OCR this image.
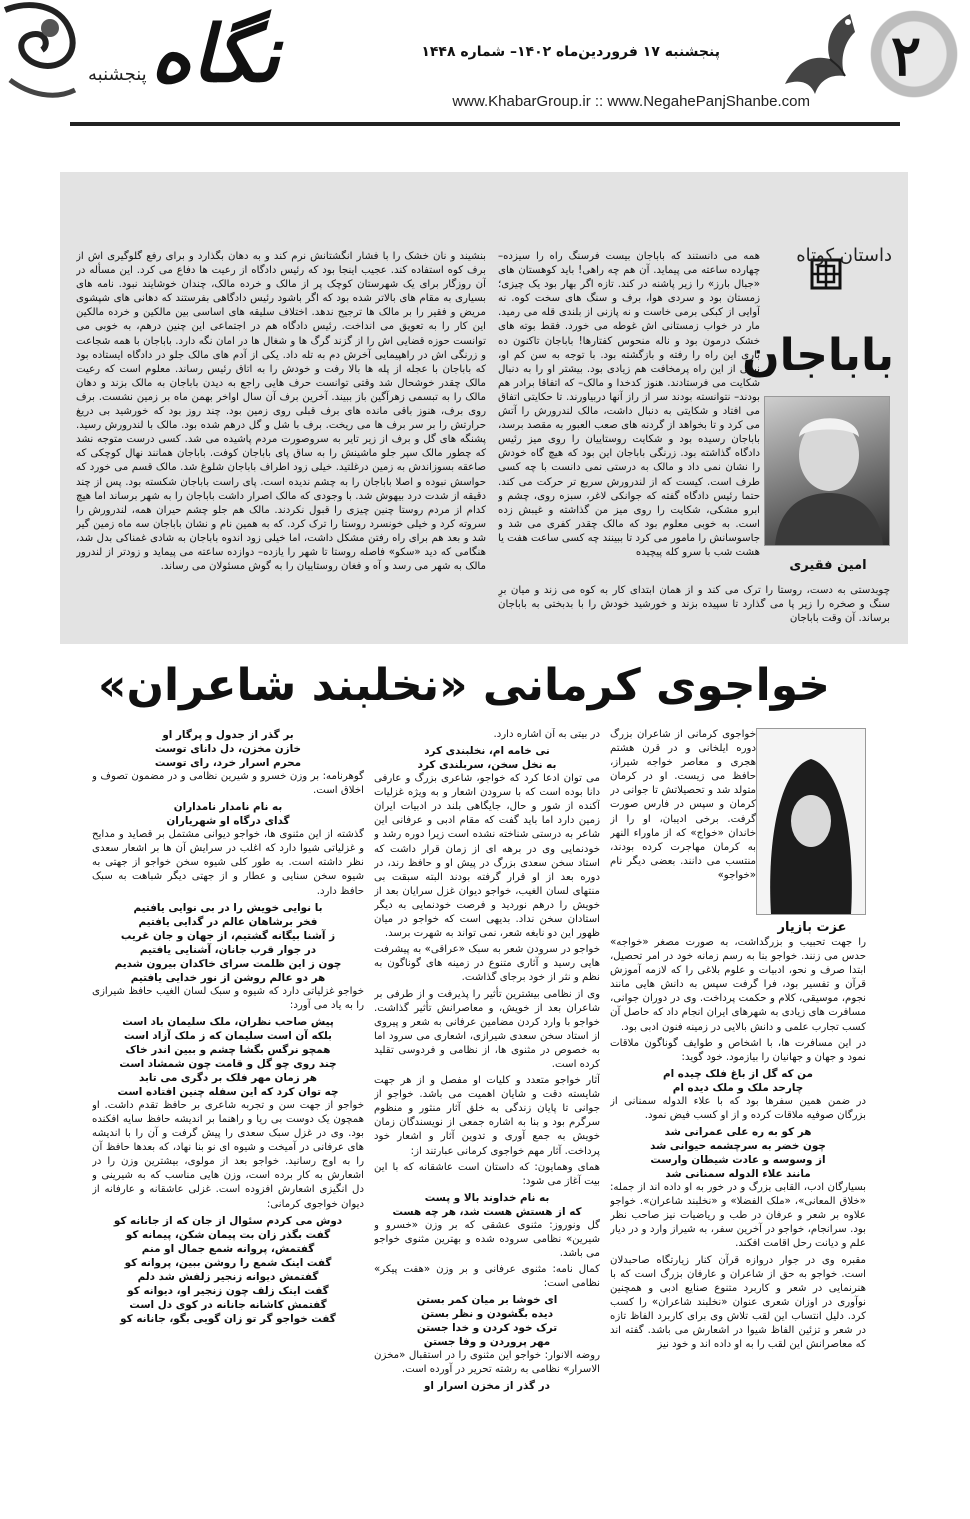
۲
پنجشنبه ۱۷ فروردین‌ماه ۱۴۰۲– شماره ۱۴۴۸
www.KhabarGroup.ir :: www.NegahePanjShanbe.com
نگاه
پنجشنبه
داستان کوتاه
باباجان
امین فقیری
همه می دانستند که باباجان بیست فرسنگ راه را سیزده– چهارده ساعته می پیماید. آن هم چه راهی! باید کوهستان های «جبال بارز» را زیر پاشنه در کند. تازه اگر بهار بود یک چیزی؛ زمستان بود و سردی هوا، برف و سنگ های سخت کوه. نه آوایی از کبکی برمی خاست و نه پازنی از بلندی قله می رمید. مار در خواب زمستانی اش غوطه می خورد. فقط بوته های خشک درمون بود و ناله منحوس کفتارها! باباجان تاکنون ده باری این راه را رفته و بازگشته بود. با توجه به سن کم او، نیمی از این راه پرمخافت هم زیادی بود. بیشتر او را به دنبال شکایت می فرستادند. هنوز کدخدا و مالک– که اتفاقا برادر هم بودند– نتوانسته بودند سر از راز آنها دربیاورند. تا حکایتی اتفاق می افتاد و شکایتی به دنبال داشت، مالک لندرورش را آتش می کرد و تا بخواهد از گردنه های صعب العبور به مقصد برسد، باباجان رسیده بود و شکایت روستاییان را روی میز رئیس دادگاه گذاشته بود. زرنگی باباجان این بود که هیچ گاه خودش را نشان نمی داد و مالک به درستی نمی دانست با چه کسی طرف است. کیست که از لندرورش سریع تر حرکت می کند. حتما رئیس دادگاه گفته که جوانکی لاغر، سبزه روی، چشم و ابرو مشکی، شکایت را روی میز من گذاشته و غیبش زده است. به خوبی معلوم بود که مالک چقدر کفری می شد و جاسوسانش را مامور می کرد تا ببینند چه کسی ساعت هفت یا هشت شب با سرو کله پیچیده
چوبدستی به دست، روستا را ترک می کند و از همان ابتدای کار به کوه می زند و میان برِ سنگ و صخره را زیر پا می گذارد تا سپیده بزند و خورشید خودش را با بدبختی به باباجان برساند. آن وقت باباجان
بنشیند و نان خشک را با فشار انگشتانش نرم کند و به دهان بگذارد و برای رفع گلوگیری اش از برف کوه استفاده کند. عجیب اینجا بود که رئیس دادگاه از رعیت ها دفاع می کرد. این مسأله در آن روزگار برای یک شهرستان کوچک پر از مالک و خرده مالک، چندان خوشایند نبود. نامه های بسیاری به مقام های بالاتر شده بود که اگر باشود رئیس دادگاهی بفرستند که دهانی های شپشوی مریض و فقیر را بر مالک ها ترجیح ندهد. اختلاف سلیقه های اساسی بین مالکین و خرده مالکین این کار را به تعویق می انداخت. رئیس دادگاه هم در اجتماعی این چنین درهم، به خوبی می توانست حوزه قضایی اش را از گزند گرگ ها و شغال ها در امان نگه دارد. باباجان با همه شجاعت و زرنگی اش در راهپیمایی آخرش دم به تله داد. یکی از آدم های مالک جلو در دادگاه ایستاده بود که باباجان با عجله از پله ها بالا رفت و خودش را به اتاق رئیس رساند. معلوم است که رعیت مالک چقدر خوشحال شد وقتی توانست حرف هایی راجع به دیدن باباجان به مالک بزند و دهان مالک را به تبسمی زهرآگین باز ببیند. آخرین برف آن سال اواخر بهمن ماه بر زمین نشست. برف روی برف، هنوز باقی مانده های برف قبلی روی زمین بود. چند روز بود که خورشید بی دریغ حرارتش را بر سر برف ها می ریخت. برف با شل و گل درهم شده بود. مالک با لندرورش رسید. پشنگه های گل و برف از زیر تایر به سروصورت مردم پاشیده می شد. کسی درست متوجه نشد که چطور مالک سپر جلو ماشینش را به ساق پای باباجان کوفت. باباجان همانند نهال کوچکی که صاعقه بسوزاندش به زمین درغلتید. خیلی زود اطراف باباجان شلوغ شد. مالک قسم می خورد که حواسش نبوده و اصلا باباجان را به چشم ندیده است. پای راست باباجان شکسته بود. پس از چند دقیقه از شدت درد بیهوش شد. با وجودی که مالک اصرار داشت باباجان را به شهر برساند اما هیچ کدام از مردم روستا چنین چیزی را قبول نکردند. مالک هم جلو چشم حیران همه، لندرورش را سروته کرد و خیلی خونسرد روستا را ترک کرد. که به همین نام و نشان باباجان سه ماه زمین گیر شد و بعد هم برای راه رفتن مشکل داشت، اما خیلی زود اندوه باباجان به شادی غمناکی بدل شد، هنگامی که دید «سکو» فاصله روستا تا شهر را یازده– دوازده ساعته می پیماید و زودتر از لندرور مالک به شهر می رسد و آه و فغان روستاییان را به گوش مسئولان می رساند.
خواجوی کرمانی «نخلبند شاعران»
عزت بازیار
خواجوی کرمانی از شاعران بزرگ دوره ایلخانی و در قرن هشتم هجری و معاصر خواجه شیراز، حافظ می زیست. او در کرمان متولد شد و تحصیلاتش تا جوانی در کرمان و سپس در فارس صورت گرفت. برخی ادیبان، او را از خاندان «خواج» که از ماوراء النهر به کرمان مهاجرت کرده بودند، منتسب می دانند. بعضی دیگر نام «خواجو»
را جهت تحبیب و بزرگداشت، به صورت مصغر «خواجه» حدس می زنند. خواجو بنا به رسم زمانه خود در امر تحصیل، ابتدا صرف و نحو، ادبیات و علوم بلاغی را که لازمه آموزش قرآن و تفسیر بود، فرا گرفت سپس به دانش هایی مانند نجوم، موسیقی، کلام و حکمت پرداخت. وی در دوران جوانی، مسافرت های زیادی به شهرهای ایران انجام داد که حاصل آن کسب تجارب علمی و دانش بالایی در زمینه فنون ادبی بود.
در این مسافرت ها، با اشخاص و طوایف گوناگون ملاقات نمود و جهان و جهانیان را بیازمود. خود گوید:
من که گل از باغ فلک چیده ام
چارحد ملک و ملک دیده ام
در ضمن همین سفرها بود که با علاء الدوله سمنانی از بزرگان صوفیه ملاقات کرده و از او کسب فیض نمود.
هر کو به ره علی عمرانی شد
چون خضر به سرچشمه حیوانی شد
از وسوسه و عادت شیطان وارست
مانند علاء الدوله سمنانی شد
بسیارگان ادب، القابی بزرگ و در خور به او داده اند از جمله: «خلاق المعانی»، «ملک الفضلا» و «نخلبند شاعران». خواجو علاوه بر شعر و عرفان در طب و ریاضیات نیز صاحب نظر بود. سرانجام، خواجو در آخرین سفر، به شیراز وارد و در دیار علم و دیانت رحل اقامت افکند.
مقبره وی در جوار دروازه قرآن کنار زیارتگاه صاحبدلان است. خواجو به حق از شاعران و عارفان بزرگ است که با هنرنمایی در شعر و کاربرد متنوع صنایع ادبی و همچنین نوآوری در اوزان شعری عنوان «نخلبند شاعران» را کسب کرد. دلیل انتساب این لقب تلاش وی برای کاربرد الفاظ تازه در شعر و تزئین الفاظ شیوا در اشعارش می باشد. گفته اند که معاصرانش این لقب را به او داده اند و خود نیز
در بیتی به آن اشاره دارد.
نی خامه ام، نخلبندی کرد
به نخل سخن، سربلندی کرد
می توان ادعا کرد که خواجو، شاعری بزرگ و عارفی دانا بوده است که با سرودن اشعار و به ویژه غزلیات آکنده از شور و حال، جایگاهی بلند در ادبیات ایران زمین دارد اما باید گفت که مقام ادبی و عرفانی این شاعر به درستی شناخته نشده است زیرا دوره رشد و خودنمایی وی در برهه ای از زمان قرار داشت که استاد سخن سعدی بزرگ در پیش او و حافظ رند، در دوره بعد از او قرار گرفته بودند البته سبقت بی منتهای لسان الغیب، خواجو دیوان غزل سرایان بعد از خویش را درهم نوردید و فرصت خودنمایی به دیگر استادان سخن نداد. بدیهی است که خواجو در میان ظهور این دو نابغه شعر، نمی تواند به شهرت برسد.
خواجو در سرودن شعر به سبک «عراقی» به پیشرفت هایی رسید و آثاری متنوع در زمینه های گوناگون به نظم و نثر از خود برجای گذاشت.
وی از نظامی بیشترین تأثیر را پذیرفت و از طرفی بر شاعران بعد از خویش، و معاصرانش تأثیر گذاشت. خواجو با وارد کردن مضامین عرفانی به شعر و پیروی از استاد سخن سعدی شیرازی، اشعاری می سرود اما به خصوص در مثنوی ها، از نظامی و فردوسی تقلید کرده است.
آثار خواجو متعدد و کلیات او مفصل و از هر جهت شایسته دقت و شایان اهمیت می باشد. خواجو از جوانی تا پایان زندگی به خلق آثار منثور و منظوم سرگرم بود و بنا به اشاره جمعی از نویسندگان زمان خویش به جمع آوری و تدوین آثار و اشعار خود پرداخت. آثار مهم خواجوی کرمانی عبارتند از:
همای وهمایون: که داستان است عاشقانه که با این بیت آغاز می شود:
به نام خداوند بالا و پست
که از هستش هست شد، هر چه هست
گل ونوروز: مثنوی عشقی که بر وزن «خسرو و شیرین» نظامی سروده شده و بهترین مثنوی خواجو می باشد.
کمال نامه: مثنوی عرفانی و بر وزن «هفت پیکر» نظامی است:
ای خوشا بر میان کمر بستن
دیده بگشودن و نظر بستن
ترک خود کردن و خدا جستن
مهر پروردن و وفا جستن
روضه الانوار: خواجو این مثنوی را در استقبال «مخزن الاسرار» نظامی به رشته تحریر در آورده است.
در گذر از مخزن اسرار او
بر گذر از جدول و پرگار او
خازن مخزن، دل دانای توست
محرم اسرار خرد، رای توست
گوهرنامه: بر وزن خسرو و شیرین نظامی و در مضمون تصوف و اخلاق است.
به نام نامدار نامداران
گدای درگاه او شهریاران
گذشته از این مثنوی ها، خواجو دیوانی مشتمل بر قصاید و مدایح و غزلیاتی شیوا دارد که اغلب در سرایش آن ها بر اشعار سعدی نظر داشته است. به طور کلی شیوه سخن خواجو از جهتی به شیوه سخن سنایی و عطار و از جهتی دیگر شباهت به سبک حافظ دارد.
با نوایی خویش را در بی نوایی یافتیم
فخر برشاهان عالم در گدایی یافتیم
ز آشنا بیگانه گشتیم، از جهان و جان غریب
در جوار قرب جانان، آشنایی یافتیم
چون ز این ظلمت سرای خاکدان بیرون شدیم
هر دو عالم روشن از نور خدایی یافتیم
خواجو غزلیاتی دارد که شیوه و سبک لسان الغیب حافظ شیرازی را به یاد می آورد:
پیش صاحب نظران، ملک سلیمان باد است
بلکه آن است سلیمان که ز ملک آزاد است
همچو نرگس بگشا چشم و ببین اندر خاک
چند روی چو گل و قامت چون شمشاد است
هر زمان مهر فلک بر دگری می تابد
چه توان کرد که این سفله چنین افتاده است
خواجو از جهت سن و تجربه شاعری بر حافظ تقدم داشت. او همچون یک دوست بی ریا و راهنما بر اندیشه حافظ سایه افکنده بود. وی در غزل سبک سعدی را پیش گرفت و آن را با اندیشه های عرفانی در آمیخت و شیوه ای نو بنا نهاد، که بعدها حافظ آن را به اوج رسانید. خواجو بعد از مولوی، بیشترین وزن را در اشعارش به کار برده است، وزن هایی مناسب که به شیرینی و دل انگیزی اشعارش افزوده است. غزلی عاشقانه و عارفانه از دیوان خواجوی کرمانی:
دوش می کردم سئوال از جان که از جانانه کو
گفت بگذر زان بت پیمان شکن، پیمانه کو
گفتمش، پروانه شمع جمال او منم
گفت اینک شمع را روشن ببین، پروانه کو
گفتمش دیوانه زنجیر زلفش شد دلم
گفت اینک زلف چون زنجیر او، دیوانه کو
گفتمش کاشانه جانانه در کوی دل است
گفت خواجو گر تو زان گویی بگو، جانانه کو
